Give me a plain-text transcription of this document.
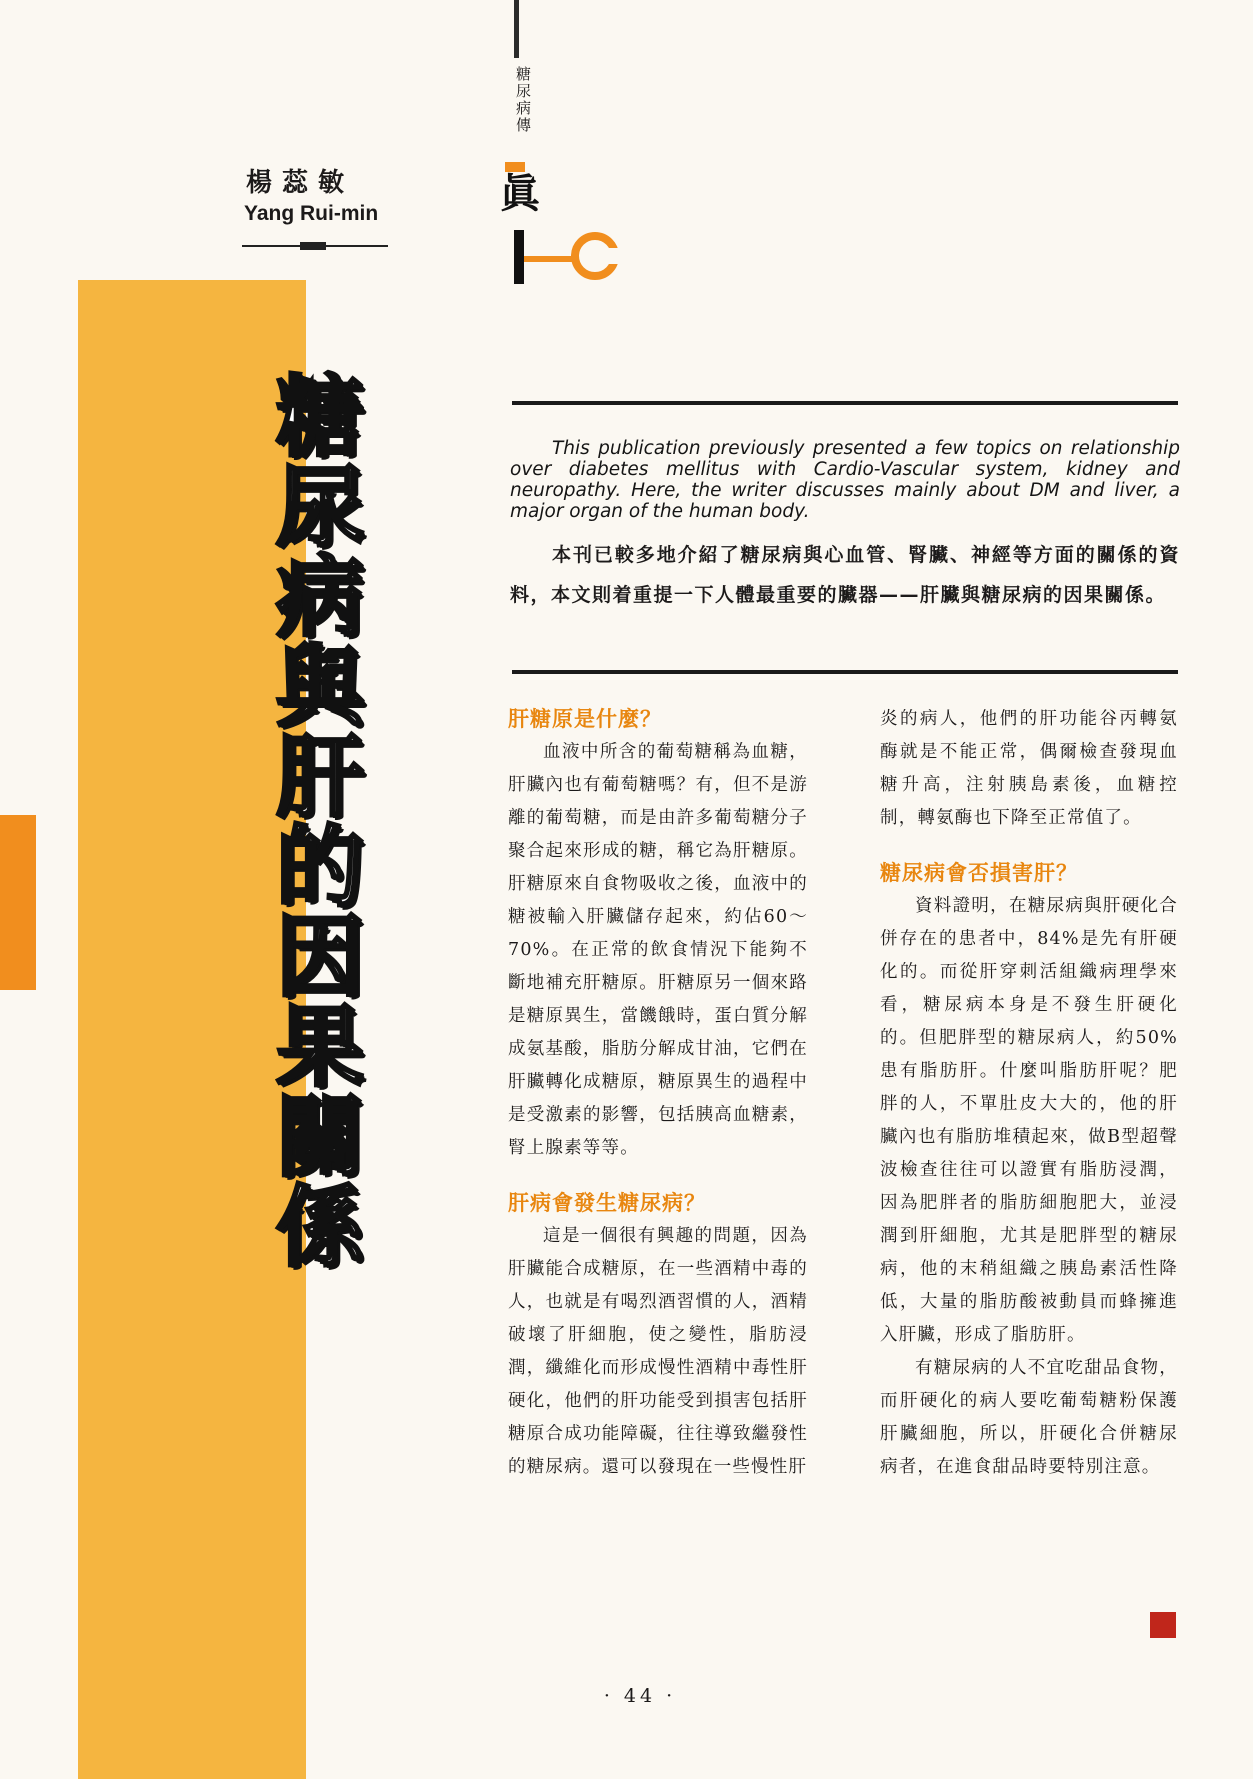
楊蕊敏
Yang Rui-min
糖尿病與肝的因果關係
糖尿病傳
眞
This publication previously presented a few topics on relationship over diabetes mellitus with Cardio-Vascular system, kidney and neuropathy. Here, the writer discusses mainly about DM and liver, a major organ of the human body.
本刊已較多地介紹了糖尿病與心血管、腎臟、神經等方面的關係的資料，本文則着重提一下人體最重要的臟器——肝臟與糖尿病的因果關係。
肝糖原是什麼？

血液中所含的葡萄糖稱為血糖，肝臟內也有葡萄糖嗎？有，但不是游離的葡萄糖，而是由許多葡萄糖分子聚合起來形成的糖，稱它為肝糖原。肝糖原來自食物吸收之後，血液中的糖被輸入肝臟儲存起來，約佔60～70%。在正常的飲食情況下能夠不斷地補充肝糖原。肝糖原另一個來路是糖原異生，當饑餓時，蛋白質分解成氨基酸，脂肪分解成甘油，它們在肝臟轉化成糖原，糖原異生的過程中是受激素的影響，包括胰高血糖素，腎上腺素等等。

肝病會發生糖尿病？

這是一個很有興趣的問題，因為肝臟能合成糖原，在一些酒精中毒的人，也就是有喝烈酒習慣的人，酒精破壞了肝細胞，使之變性，脂肪浸潤，纖維化而形成慢性酒精中毒性肝硬化，他們的肝功能受到損害包括肝糖原合成功能障礙，往往導致繼發性的糖尿病。還可以發現在一些慢性肝

炎的病人，他們的肝功能谷丙轉氨酶就是不能正常，偶爾檢查發現血糖升高，注射胰島素後，血糖控制，轉氨酶也下降至正常值了。

糖尿病會否損害肝？

資料證明，在糖尿病與肝硬化合併存在的患者中，84%是先有肝硬化的。而從肝穿刺活組織病理學來看，糖尿病本身是不發生肝硬化的。但肥胖型的糖尿病人，約50%患有脂肪肝。什麼叫脂肪肝呢？肥胖的人，不單肚皮大大的，他的肝臟內也有脂肪堆積起來，做B型超聲波檢查往往可以證實有脂肪浸潤，因為肥胖者的脂肪細胞肥大，並浸潤到肝細胞，尤其是肥胖型的糖尿病，他的末稍組織之胰島素活性降低，大量的脂肪酸被動員而蜂擁進入肝臟，形成了脂肪肝。

有糖尿病的人不宜吃甜品食物，而肝硬化的病人要吃葡萄糖粉保護肝臟細胞，所以，肝硬化合併糖尿病者，在進食甜品時要特別注意。

· 44 ·
